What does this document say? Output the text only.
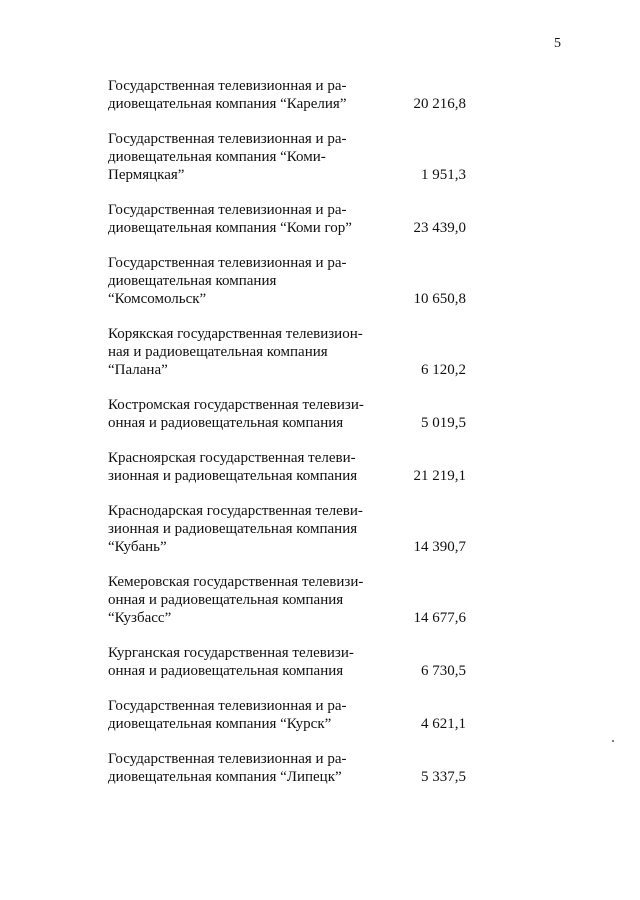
5
Государственная телевизионная и ра-
диовещательная компания “Карелия”	20 216,8
Государственная телевизионная и ра-
диовещательная компания “Коми-
Пермяцкая”	1 951,3
Государственная телевизионная и ра-
диовещательная компания “Коми гор”	23 439,0
Государственная телевизионная и ра-
диовещательная компания
“Комсомольск”	10 650,8
Корякская государственная телевизион-
ная и радиовещательная компания
“Палана”	6 120,2
Костромская государственная телевизи-
онная и радиовещательная компания	5 019,5
Красноярская государственная телеви-
зионная и радиовещательная компания	21 219,1
Краснодарская государственная телеви-
зионная и радиовещательная компания
“Кубань”	14 390,7
Кемеровская государственная телевизи-
онная и радиовещательная компания
“Кузбасс”	14 677,6
Курганская государственная телевизи-
онная и радиовещательная компания	6 730,5
Государственная телевизионная и ра-
диовещательная компания “Курск”	4 621,1
Государственная телевизионная и ра-
диовещательная компания “Липецк”	5 337,5
